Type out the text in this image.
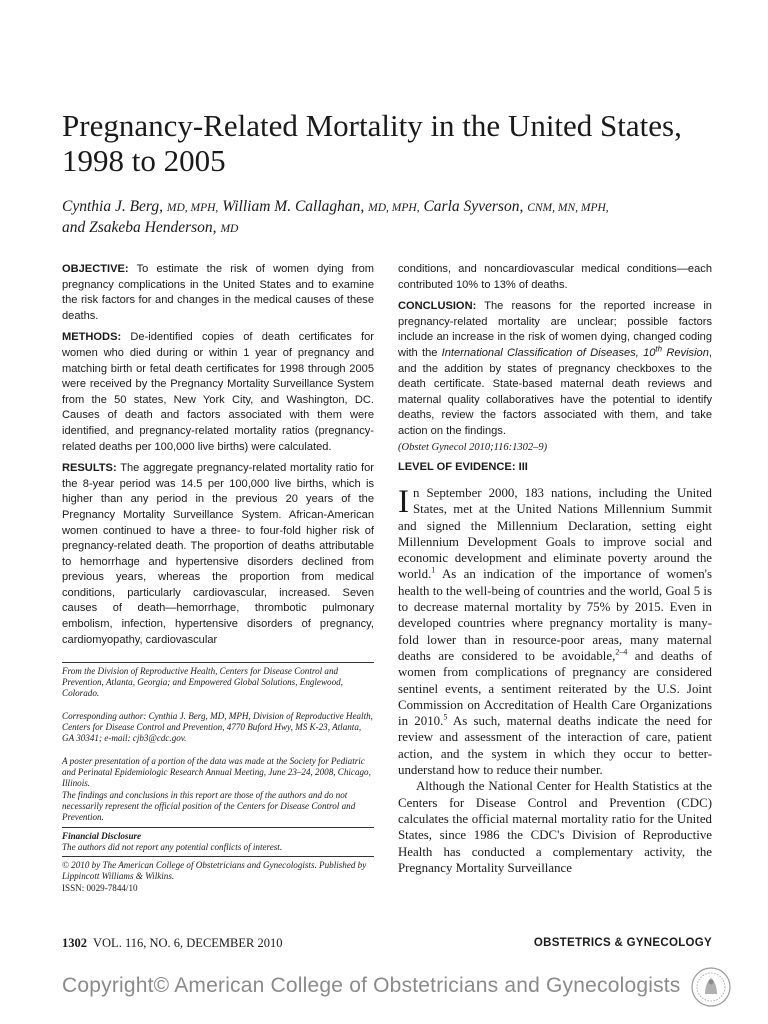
Pregnancy-Related Mortality in the United States, 1998 to 2005
Cynthia J. Berg, MD, MPH, William M. Callaghan, MD, MPH, Carla Syverson, CNM, MN, MPH,
and Zsakeba Henderson, MD

OBJECTIVE: To estimate the risk of women dying from pregnancy complications in the United States and to examine the risk factors for and changes in the medical causes of these deaths.

METHODS: De-identified copies of death certificates for women who died during or within 1 year of pregnancy and matching birth or fetal death certificates for 1998 through 2005 were received by the Pregnancy Mortality Surveillance System from the 50 states, New York City, and Washington, DC. Causes of death and factors associated with them were identified, and pregnancy-related mortality ratios (pregnancy-related deaths per 100,000 live births) were calculated.

RESULTS: The aggregate pregnancy-related mortality ratio for the 8-year period was 14.5 per 100,000 live births, which is higher than any period in the previous 20 years of the Pregnancy Mortality Surveillance System. African-American women continued to have a three- to four-fold higher risk of pregnancy-related death. The proportion of deaths attributable to hemorrhage and hypertensive disorders declined from previous years, whereas the proportion from medical conditions, particularly cardiovascular, increased. Seven causes of death—hemorrhage, thrombotic pulmonary embolism, infection, hypertensive disorders of pregnancy, cardiomyopathy, cardiovascular

conditions, and noncardiovascular medical conditions—each contributed 10% to 13% of deaths.

CONCLUSION: The reasons for the reported increase in pregnancy-related mortality are unclear; possible factors include an increase in the risk of women dying, changed coding with the International Classification of Diseases, 10th Revision, and the addition by states of pregnancy checkboxes to the death certificate. State-based maternal death reviews and maternal quality collaboratives have the potential to identify deaths, review the factors associated with them, and take action on the findings.

(Obstet Gynecol 2010;116:1302–9)

LEVEL OF EVIDENCE: III

In September 2000, 183 nations, including the United States, met at the United Nations Millennium Summit and signed the Millennium Declaration, setting eight Millennium Development Goals to improve social and economic development and eliminate poverty around the world.$^1$ As an indication of the importance of women's health to the well-being of countries and the world, Goal 5 is to decrease maternal mortality by 75% by 2015. Even in developed countries where pregnancy mortality is many-fold lower than in resource-poor areas, many maternal deaths are considered to be avoidable,$^{2-4}$ and deaths of women from complications of pregnancy are considered sentinel events, a sentiment reiterated by the U.S. Joint Commission on Accreditation of Health Care Organizations in 2010.$^5$ As such, maternal deaths indicate the need for review and assessment of the interaction of care, patient action, and the system in which they occur to better-understand how to reduce their number.

Although the National Center for Health Statistics at the Centers for Disease Control and Prevention (CDC) calculates the official maternal mortality ratio for the United States, since 1986 the CDC's Division of Reproductive Health has conducted a complementary activity, the Pregnancy Mortality Surveillance

From the Division of Reproductive Health, Centers for Disease Control and Prevention, Atlanta, Georgia; and Empowered Global Solutions, Englewood, Colorado.

Corresponding author: Cynthia J. Berg, MD, MPH, Division of Reproductive Health, Centers for Disease Control and Prevention, 4770 Buford Hwy, MS K-23, Atlanta, GA 30341; e-mail: cjb3@cdc.gov.

A poster presentation of a portion of the data was made at the Society for Pediatric and Perinatal Epidemiologic Research Annual Meeting, June 23–24, 2008, Chicago, Illinois.

The findings and conclusions in this report are those of the authors and do not necessarily represent the official position of the Centers for Disease Control and Prevention.

Financial Disclosure
The authors did not report any potential conflicts of interest.

© 2010 by The American College of Obstetricians and Gynecologists. Published by Lippincott Williams & Wilkins.

ISSN: 0029-7844/10

1302 VOL. 116, NO. 6, DECEMBER 2010	OBSTETRICS & GYNECOLOGY
Copyright© American College of Obstetricians and Gynecologists
